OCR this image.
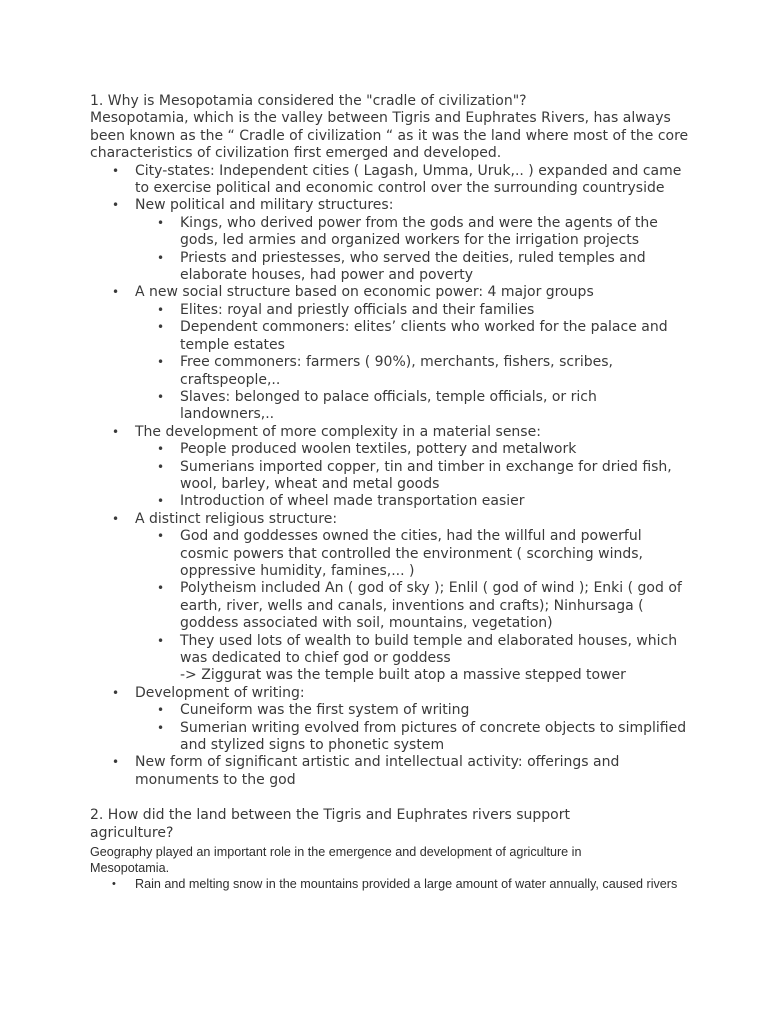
1. Why is Mesopotamia considered the "cradle of civilization"?

Mesopotamia, which is the valley between Tigris and Euphrates Rivers, has always been known as the “ Cradle of civilization “ as it was the land where most of the core characteristics of civilization first emerged and developed.

• City-states: Independent cities ( Lagash, Umma, Uruk,.. ) expanded and came to exercise political and economic control over the surrounding countryside
• New political and military structures:
• Kings, who derived power from the gods and were the agents of the gods, led armies and organized workers for the irrigation projects
• Priests and priestesses, who served the deities, ruled temples and elaborate houses, had power and poverty
• A new social structure based on economic power: 4 major groups
• Elites: royal and priestly officials and their families
• Dependent commoners: elites’ clients who worked for the palace and temple estates
• Free commoners: farmers ( 90%), merchants, fishers, scribes, craftspeople,..
• Slaves: belonged to palace officials, temple officials, or rich landowners,..
• The development of more complexity in a material sense:
• People produced woolen textiles, pottery and metalwork
• Sumerians imported copper, tin and timber in exchange for dried fish, wool, barley, wheat and metal goods
• Introduction of wheel made transportation easier
• A distinct religious structure:
• God and goddesses owned the cities, had the willful and powerful cosmic powers that controlled the environment ( scorching winds, oppressive humidity, famines,... )
• Polytheism included An ( god of sky ); Enlil ( god of wind ); Enki ( god of earth, river, wells and canals, inventions and crafts); Ninhursaga ( goddess associated with soil, mountains, vegetation)
• They used lots of wealth to build temple and elaborated houses, which was dedicated to chief god or goddess
-> Ziggurat was the temple built atop a massive stepped tower
• Development of writing:
• Cuneiform was the first system of writing
• Sumerian writing evolved from pictures of concrete objects to simplified and stylized signs to phonetic system
• New form of significant artistic and intellectual activity: offerings and monuments to the god

2. How did the land between the Tigris and Euphrates rivers support agriculture?

Geography played an important role in the emergence and development of agriculture in Mesopotamia.

• Rain and melting snow in the mountains provided a large amount of water annually, caused rivers
